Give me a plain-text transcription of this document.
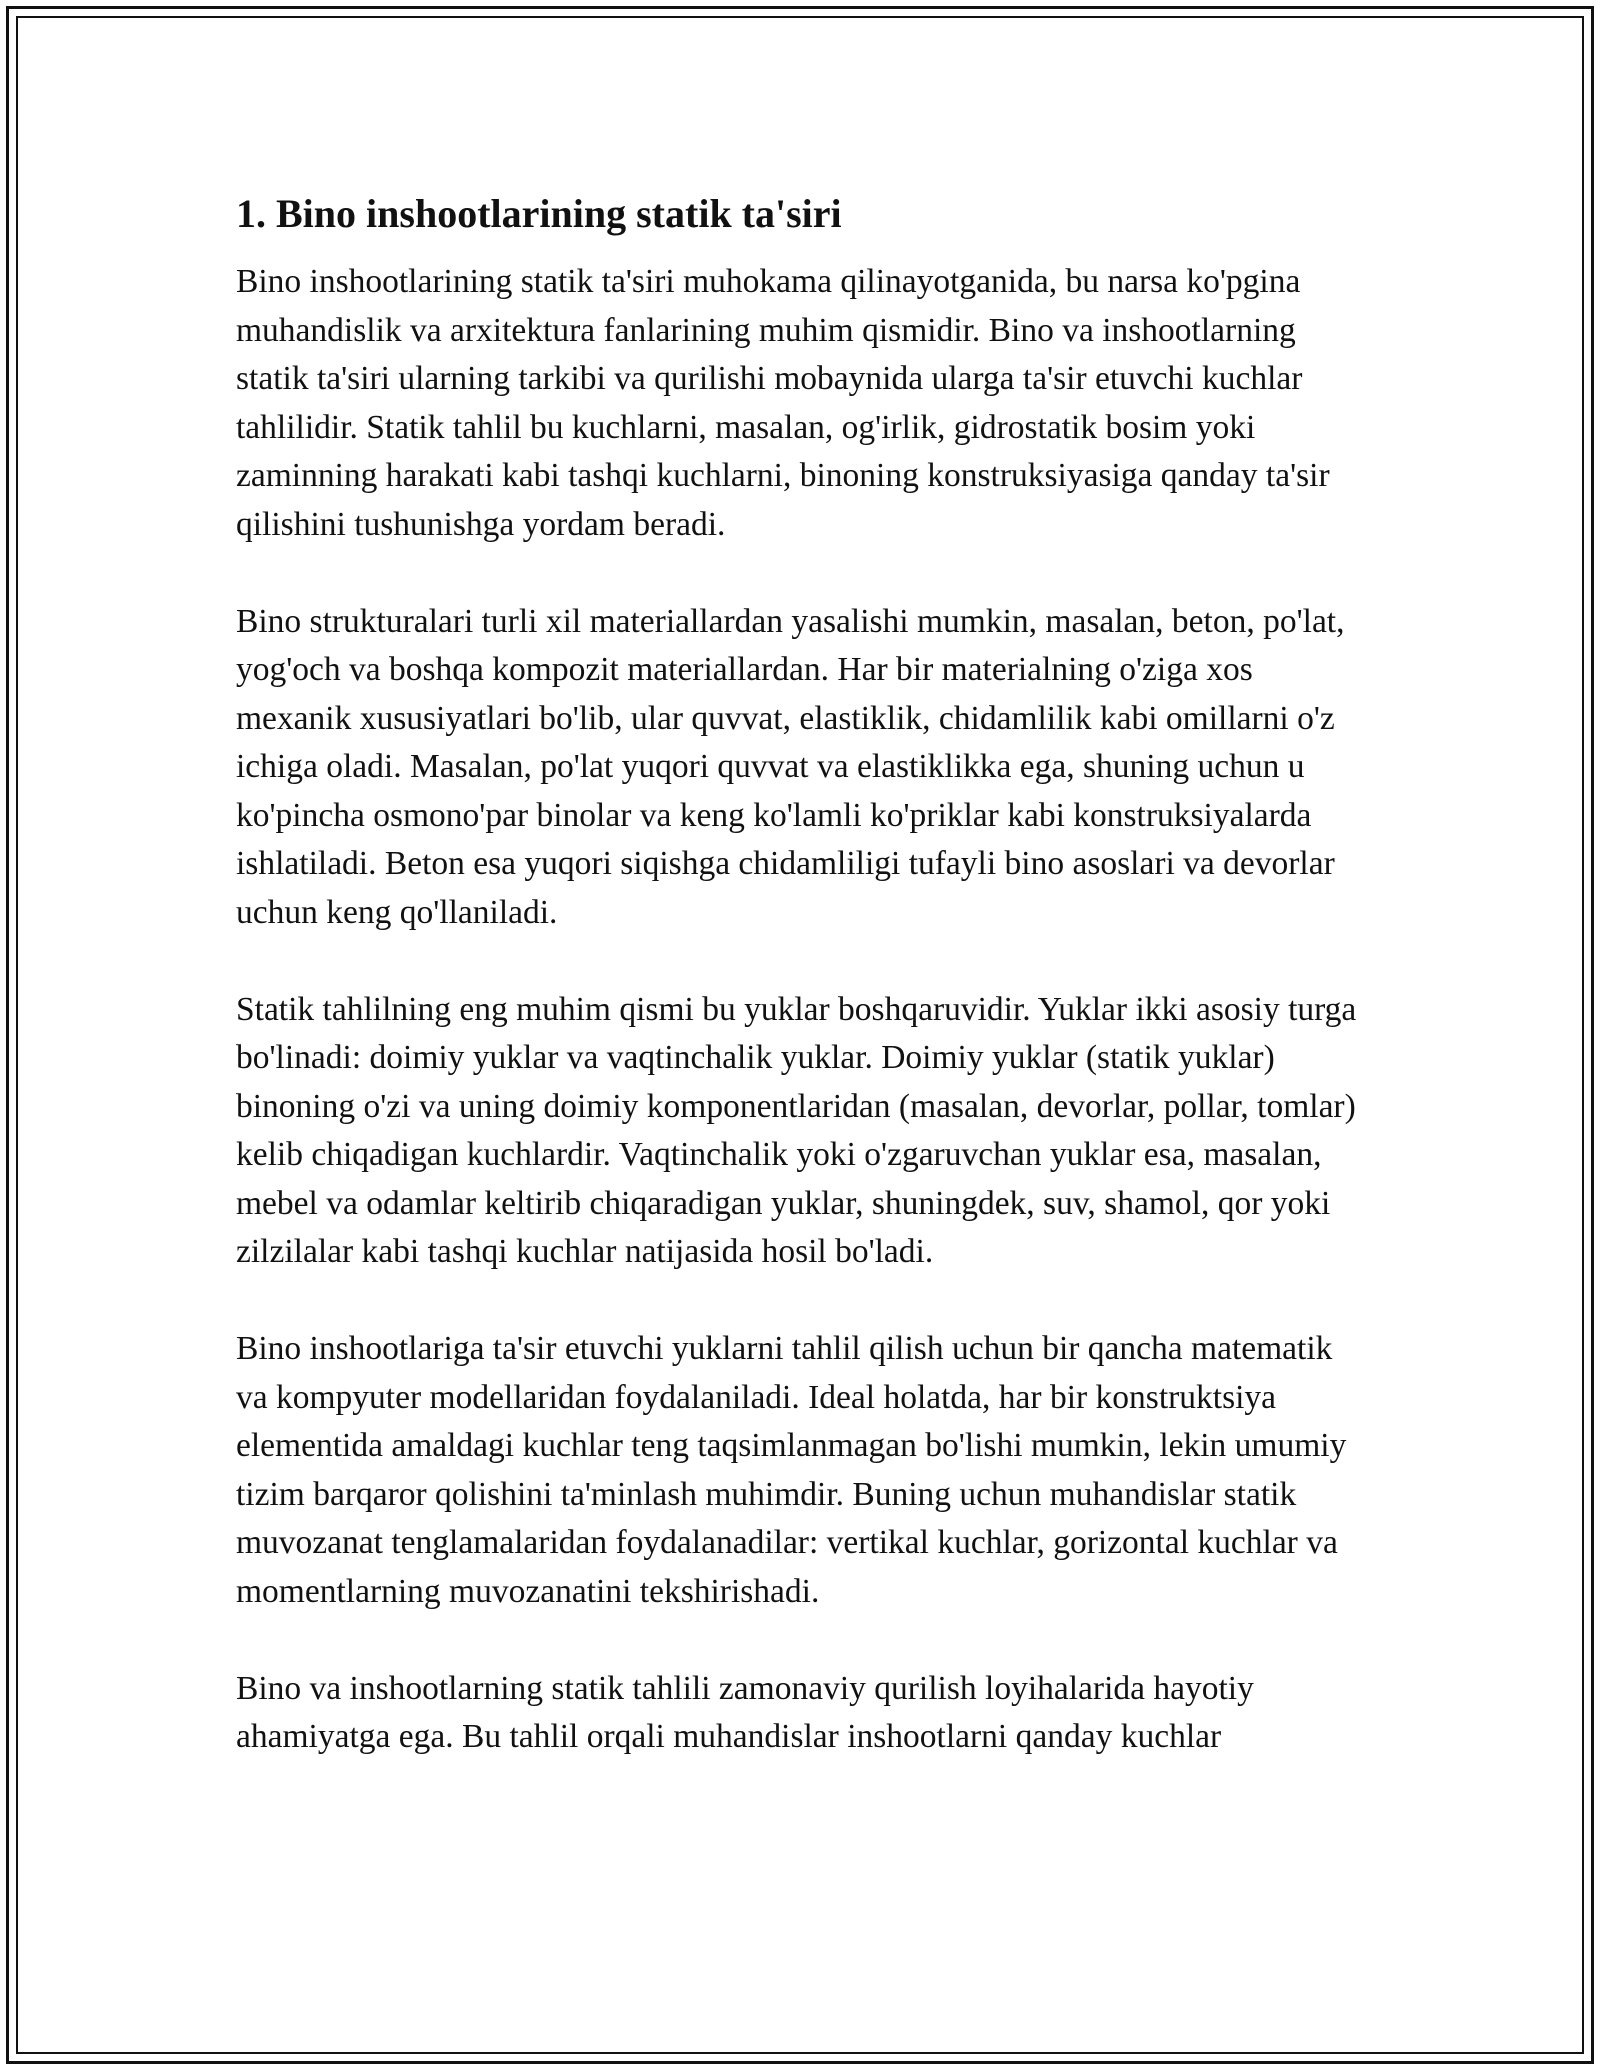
1. Bino inshootlarining statik ta'siri

Bino inshootlarining statik ta'siri muhokama qilinayotganida, bu narsa ko'pgina muhandislik va arxitektura fanlarining muhim qismidir. Bino va inshootlarning statik ta'siri ularning tarkibi va qurilishi mobaynida ularga ta'sir etuvchi kuchlar tahlilidir. Statik tahlil bu kuchlarni, masalan, og'irlik, gidrostatik bosim yoki zaminning harakati kabi tashqi kuchlarni, binoning konstruksiyasiga qanday ta'sir qilishini tushunishga yordam beradi.

Bino strukturalari turli xil materiallardan yasalishi mumkin, masalan, beton, po'lat, yog'och va boshqa kompozit materiallardan. Har bir materialning o'ziga xos mexanik xususiyatlari bo'lib, ular quvvat, elastiklik, chidamlilik kabi omillarni o'z ichiga oladi. Masalan, po'lat yuqori quvvat va elastiklikka ega, shuning uchun u ko'pincha osmono'par binolar va keng ko'lamli ko'priklar kabi konstruksiyalarda ishlatiladi. Beton esa yuqori siqishga chidamliligi tufayli bino asoslari va devorlar uchun keng qo'llaniladi.

Statik tahlilning eng muhim qismi bu yuklar boshqaruvidir. Yuklar ikki asosiy turga bo'linadi: doimiy yuklar va vaqtinchalik yuklar. Doimiy yuklar (statik yuklar) binoning o'zi va uning doimiy komponentlaridan (masalan, devorlar, pollar, tomlar) kelib chiqadigan kuchlardir. Vaqtinchalik yoki o'zgaruvchan yuklar esa, masalan, mebel va odamlar keltirib chiqaradigan yuklar, shuningdek, suv, shamol, qor yoki zilzilalar kabi tashqi kuchlar natijasida hosil bo'ladi.

Bino inshootlariga ta'sir etuvchi yuklarni tahlil qilish uchun bir qancha matematik va kompyuter modellaridan foydalaniladi. Ideal holatda, har bir konstruktsiya elementida amaldagi kuchlar teng taqsimlanmagan bo'lishi mumkin, lekin umumiy tizim barqaror qolishini ta'minlash muhimdir. Buning uchun muhandislar statik muvozanat tenglamalaridan foydalanadilar: vertikal kuchlar, gorizontal kuchlar va momentlarning muvozanatini tekshirishadi.

Bino va inshootlarning statik tahlili zamonaviy qurilish loyihalarida hayotiy ahamiyatga ega. Bu tahlil orqali muhandislar inshootlarni qanday kuchlar
